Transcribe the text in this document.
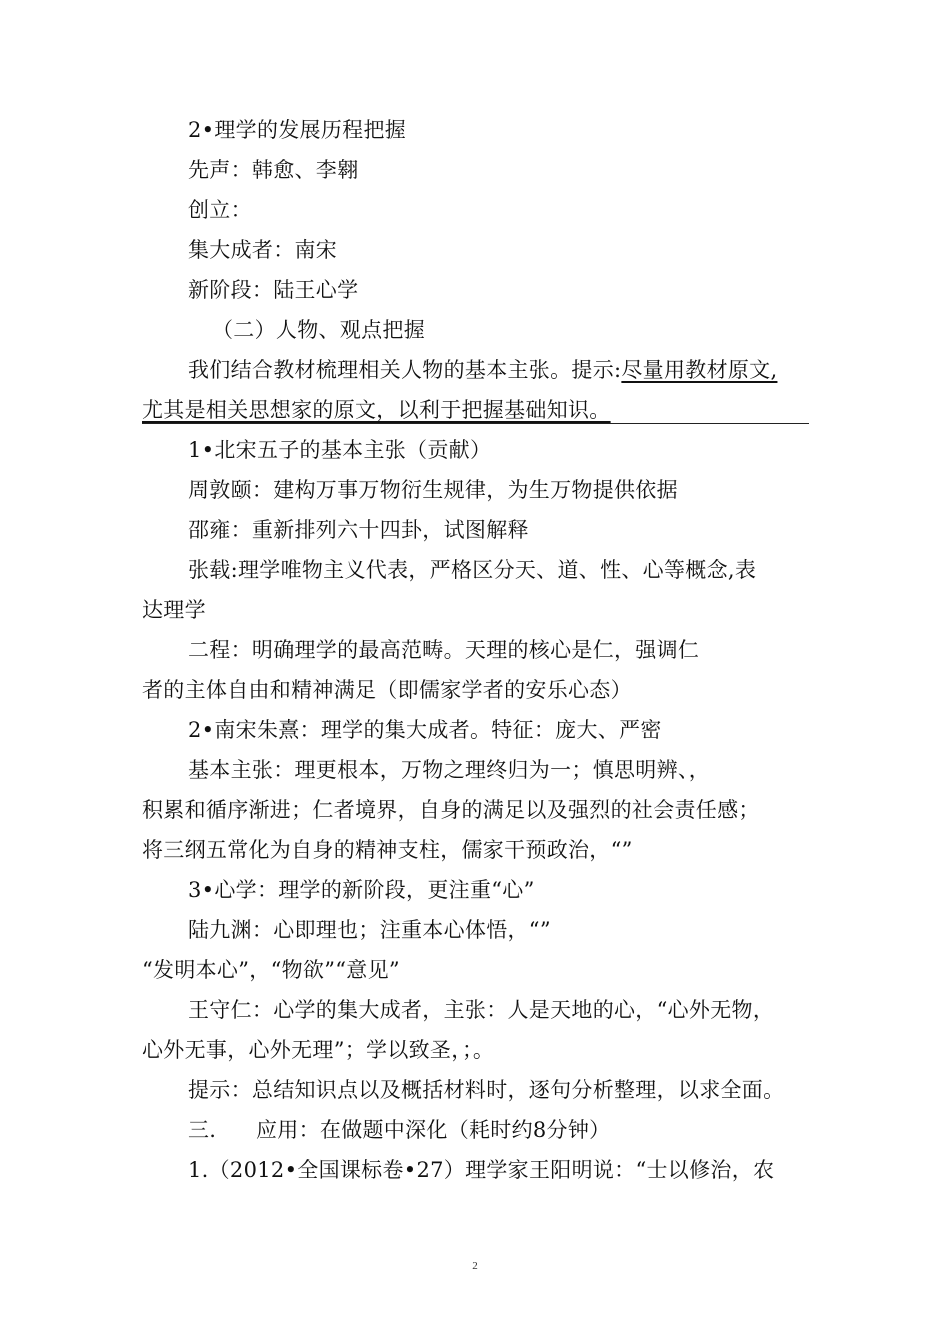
2•理学的发展历程把握
先声：韩愈、李翱
创立：
集大成者：南宋
新阶段：陆王心学
（二）人物、观点把握
我们结合教材梳理相关人物的基本主张。提示:尽量用教材原文,
尤其是相关思想家的原文，以利于把握基础知识。
1•北宋五子的基本主张（贡献）
周敦颐：建构万事万物衍生规律，为生万物提供依据
邵雍：重新排列六十四卦，试图解释
张载:理学唯物主义代表，严格区分天、道、性、心等概念,表
达理学
二程：明确理学的最高范畴。天理的核心是仁，强调仁
者的主体自由和精神满足（即儒家学者的安乐心态）
2•南宋朱熹：理学的集大成者。特征：庞大、严密
基本主张：理更根本，万物之理终归为一；慎思明辨、，
积累和循序渐进；仁者境界，自身的满足以及强烈的社会责任感；
将三纲五常化为自身的精神支柱，儒家干预政治，“”
3•心学：理学的新阶段，更注重“心”
陆九渊：心即理也；注重本心体悟，“”
“发明本心”，“物欲”“意见”
王守仁：心学的集大成者，主张：人是天地的心，“心外无物，
心外无事，心外无理”；学以致圣，；。
提示：总结知识点以及概括材料时，逐句分析整理，以求全面。
三. 应用：在做题中深化（耗时约8分钟）
1.（2012•全国课标卷•27）理学家王阳明说：“士以修治，农
2
